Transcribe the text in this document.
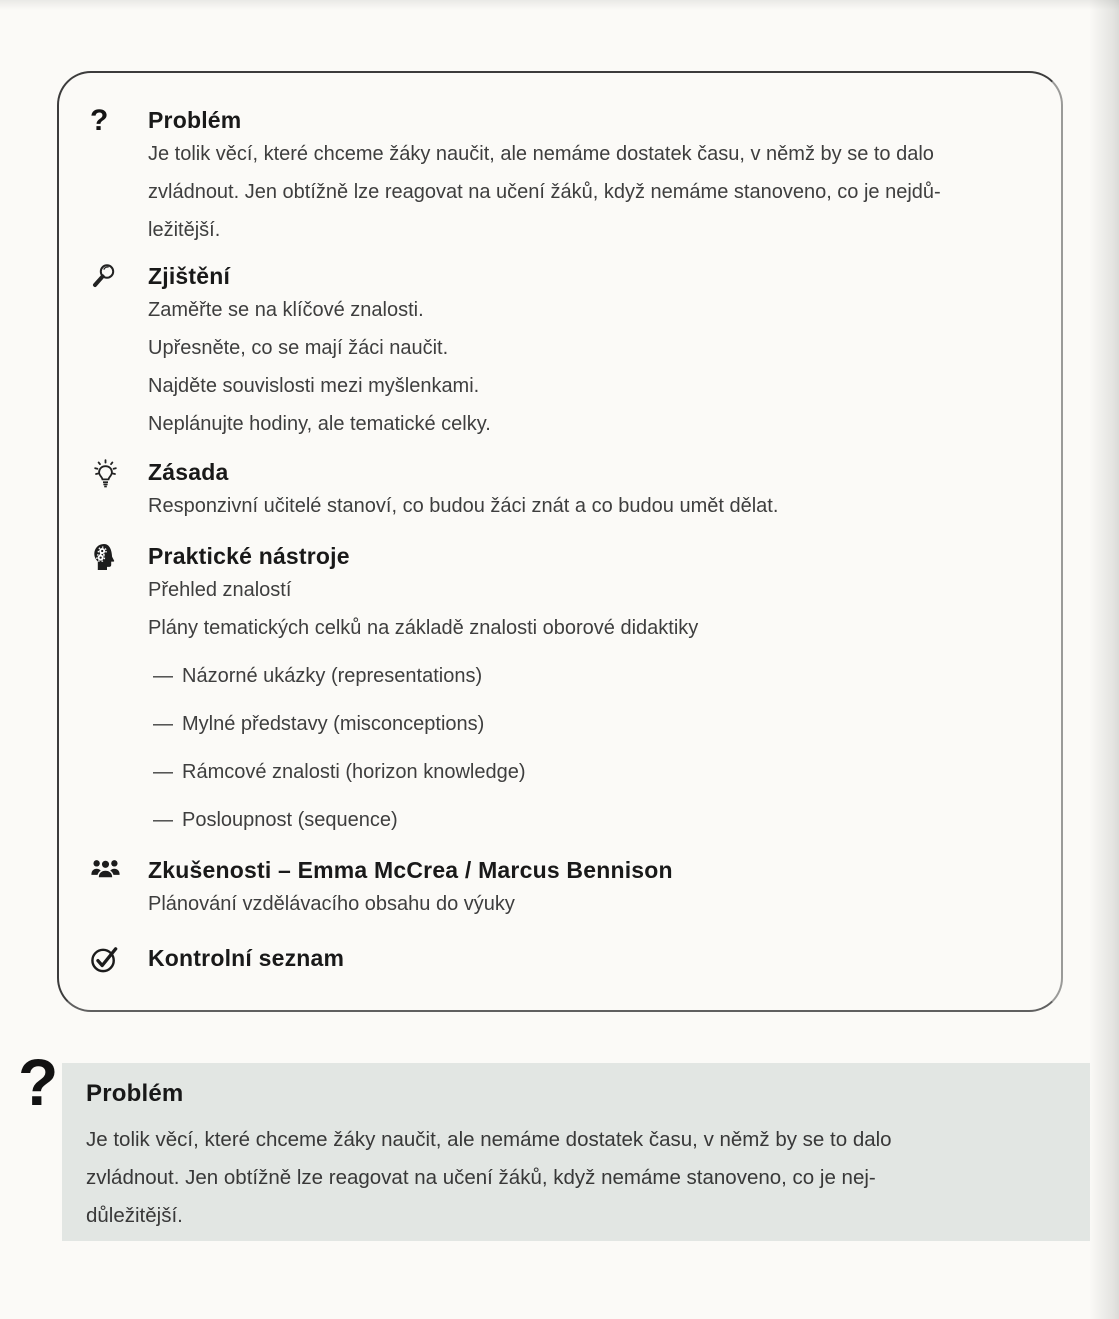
?	Problém
Je tolik věcí, které chceme žáky naučit, ale nemáme dostatek času, v němž by se to dalo
zvládnout. Jen obtížně lze reagovat na učení žáků, když nemáme stanoveno, co je nejdů-
ležitější.
Zjištění
Zaměřte se na klíčové znalosti.
Upřesněte, co se mají žáci naučit.
Najděte souvislosti mezi myšlenkami.
Neplánujte hodiny, ale tematické celky.
Zásada
Responzivní učitelé stanoví, co budou žáci znát a co budou umět dělat.
Praktické nástroje
Přehled znalostí
Plány tematických celků na základě znalosti oborové didaktiky
— Názorné ukázky (representations)
— Mylné představy (misconceptions)
— Rámcové znalosti (horizon knowledge)
— Posloupnost (sequence)
Zkušenosti – Emma McCrea / Marcus Bennison
Plánování vzdělávacího obsahu do výuky
Kontrolní seznam
? Problém
Je tolik věcí, které chceme žáky naučit, ale nemáme dostatek času, v němž by se to dalo
zvládnout. Jen obtížně lze reagovat na učení žáků, když nemáme stanoveno, co je nej-
důležitější.
